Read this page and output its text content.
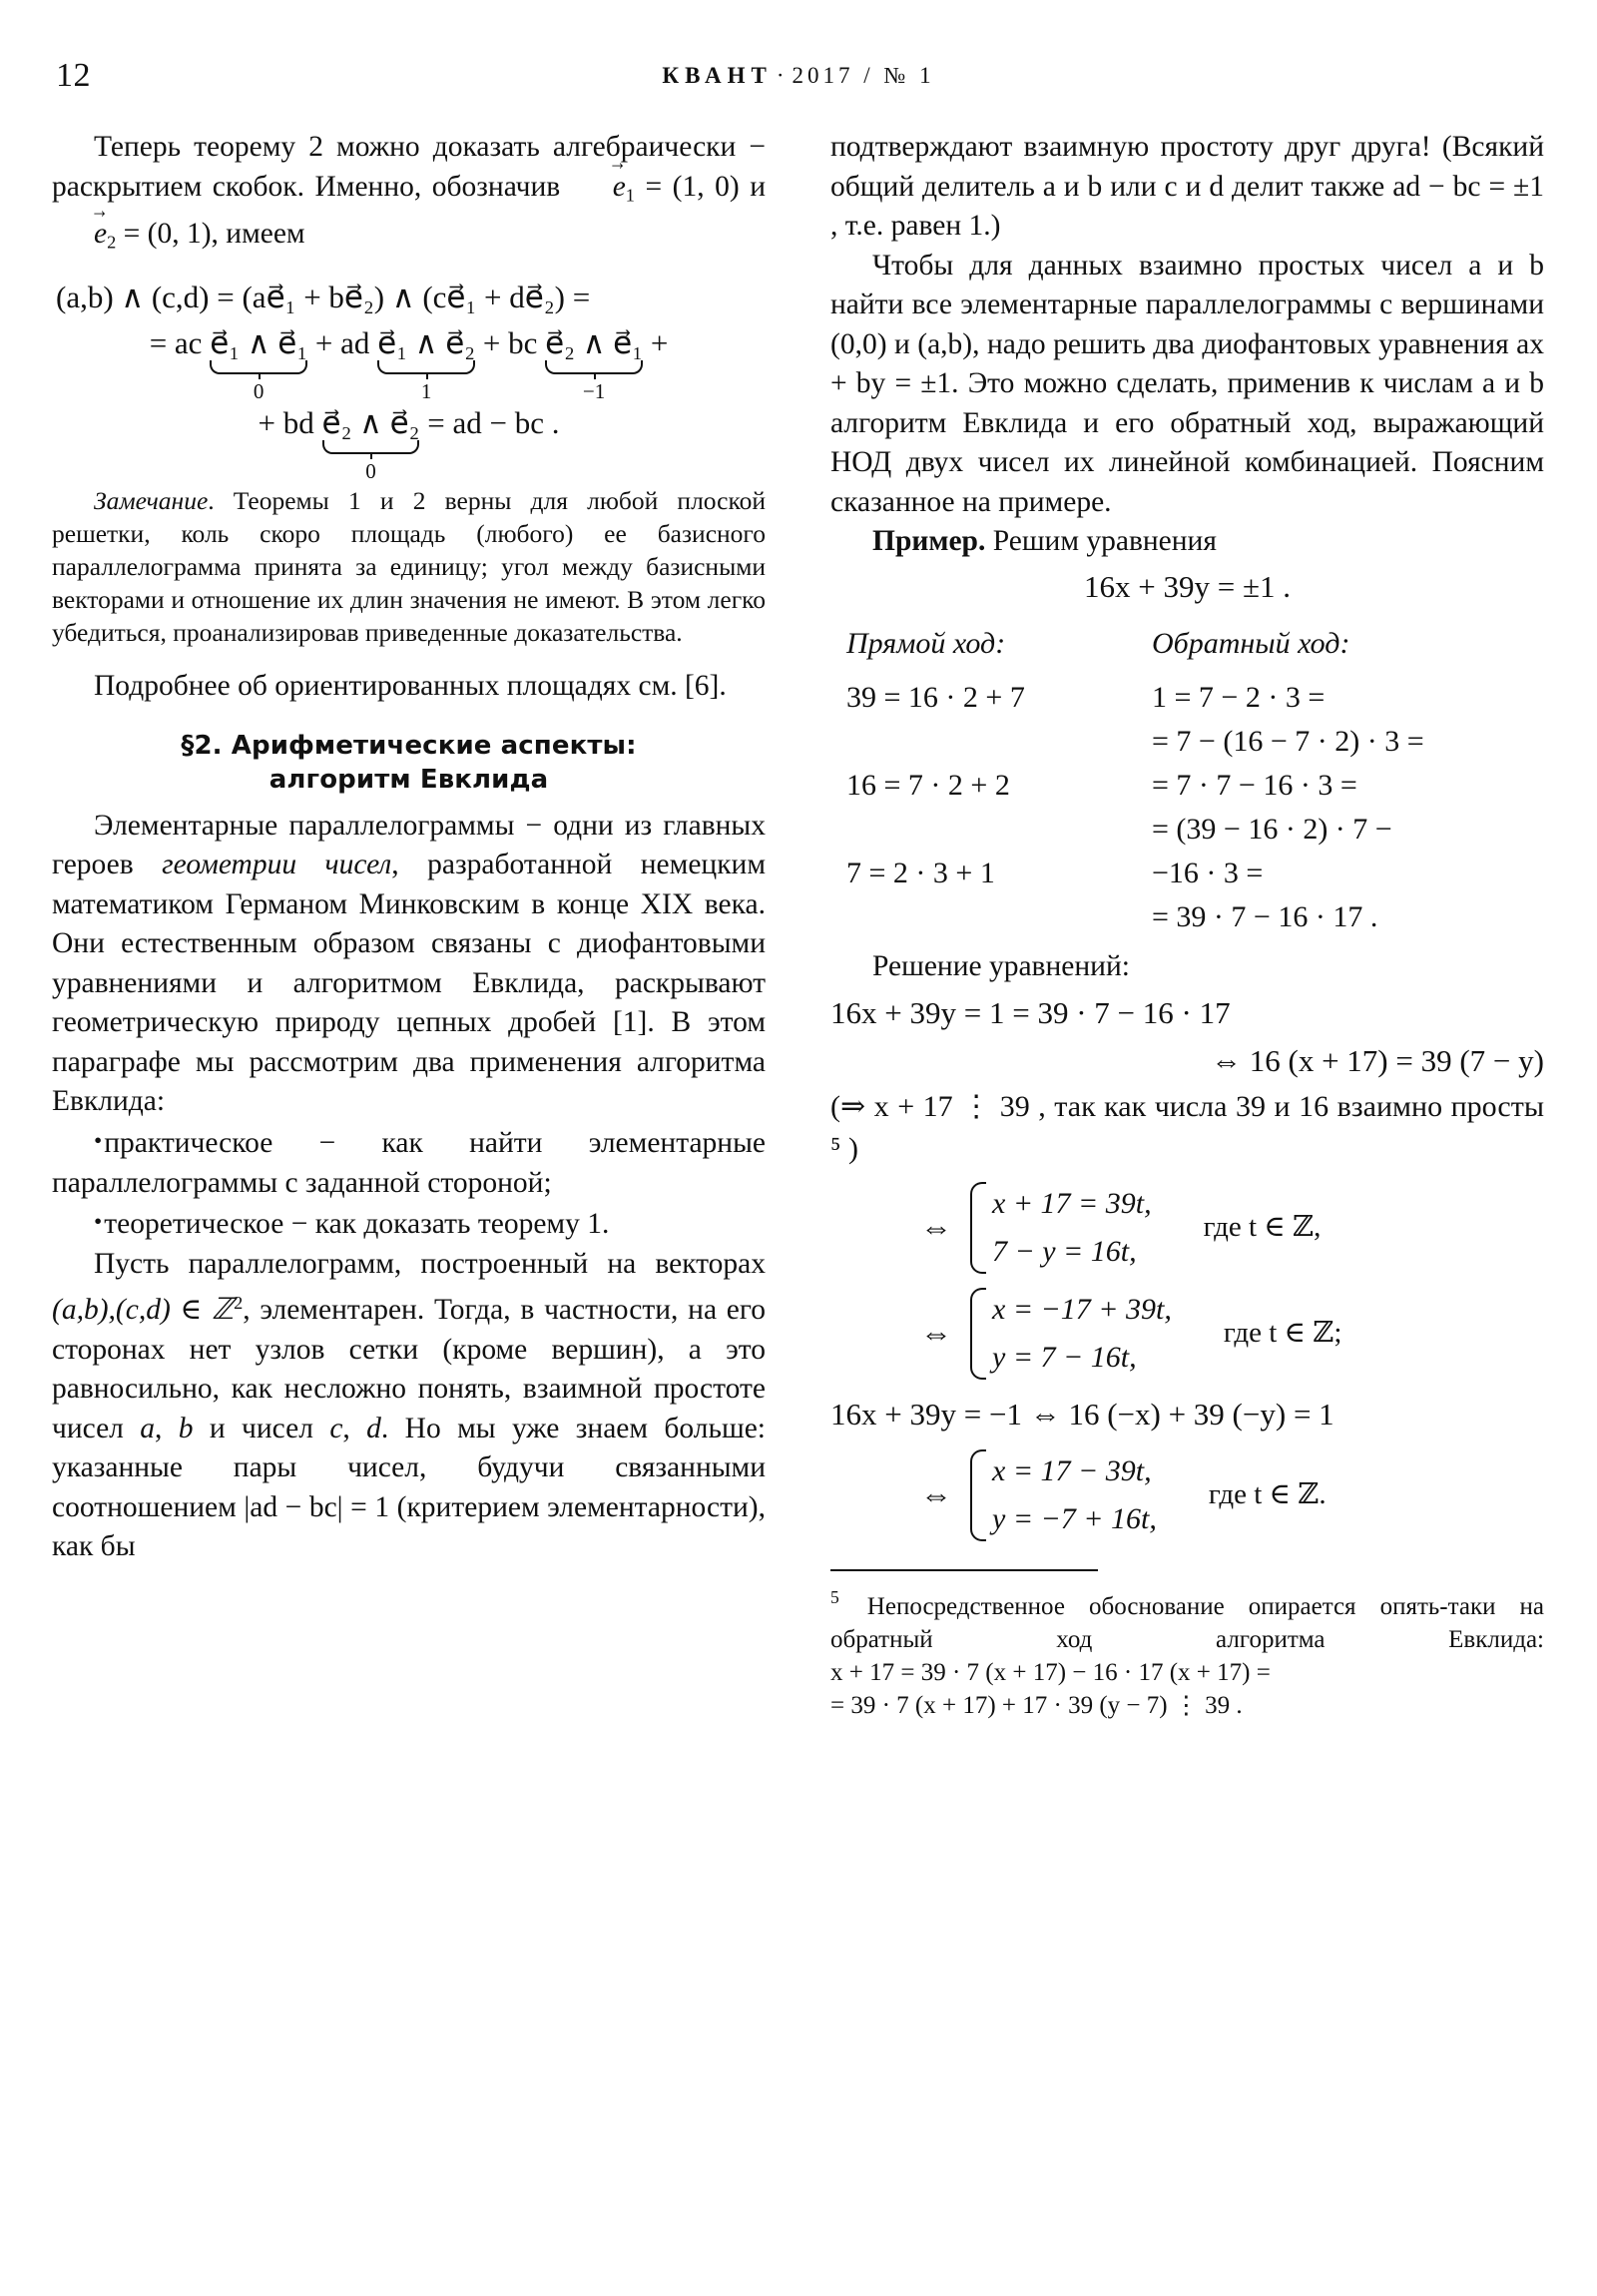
12	КВАНТ · 2017 / № 1

Теперь теорему 2 можно доказать алгебраически − раскрытием скобок. Именно, обозначив $e \to_1 = (1$, 0) и $e \to_2 = (0$, 1), имеем

(a,b) ∧ (c,d) = (ae⃗₁ + be⃗₂) ∧ (ce⃗₁ + de⃗₂) =
= ac e⃗₁ ∧ e⃗₁
0
+ ad e⃗₁ ∧ e⃗₂
1
+ bc e⃗₂ ∧ e⃗₁
−1
+
+ bd e⃗₂ ∧ e⃗₂
0
= ad − bc .

Замечание. Теоремы 1 и 2 верны для любой плоской решетки, коль скоро площадь (любого) ее базисного параллелограмма принята за единицу; угол между базисными векторами и отношение их длин значения не имеют. В этом легко убедиться, проанализировав приведенные доказательства.

Подробнее об ориентированных площадях см. [6].

§2. Арифметические аспекты:
алгоритм Евклида

Элементарные параллелограммы − одни из главных героев геометрии чисел, разработанной немецким математиком Германом Минковским в конце XIX века. Они естественным образом связаны с диофантовыми уравнениями и алгоритмом Евклида, раскрывают геометрическую природу цепных дробей [1]. В этом параграфе мы рассмотрим два применения алгоритма Евклида:

•практическое − как найти элементарные параллелограммы с заданной стороной;

•теоретическое − как доказать теорему 1.

Пусть параллелограмм, построенный на векторах (a,b),(c,d) ∈ ℤ$^2$, элементарен. Тогда, в частности, на его сторонах нет узлов сетки (кроме вершин), а это равносильно, как несложно понять, взаимной простоте чисел a, b и чисел c, d. Но мы уже знаем больше: указанные пары чисел, будучи связанными соотношением |ad − bc| = 1 (критерием элементарности), как бы

подтверждают взаимную простоту друг друга! (Всякий общий делитель a и b или c и d делит также ad − bc = ±1 , т.е. равен 1.)

Чтобы для данных взаимно простых чисел a и b найти все элементарные параллелограммы с вершинами (0,0) и (a,b), надо решить два диофантовых уравнения ax + by = ±1. Это можно сделать, применив к числам a и b алгоритм Евклида и его обратный ход, выражающий НОД двух чисел их линейной комбинацией. Поясним сказанное на примере.

Пример. Решим уравнения

16x + 39y = ±1 .
Прямой ход:	Обратный ход:
39 = 16 · 2 + 7	1 = 7 − 2 · 3 =
	= 7 − (16 − 7 · 2) · 3 =
16 = 7 · 2 + 2	= 7 · 7 − 16 · 3 =
	= (39 − 16 · 2) · 7 −
7 = 2 · 3 + 1	−16 · 3 =
	= 39 · 7 − 16 · 17 .

Решение уравнений:

16x + 39y = 1 = 39 · 7 − 16 · 17
⇔ 16 (x + 17) = 39 (7 − y)
(⇒ x + 17 ⋮ 39 , так как числа 39 и 16 взаимно просты ⁵ )
⇔
x + 17 = 39t,
7 − y = 16t,
где t ∈ ℤ,
⇔
x = −17 + 39t,
y = 7 − 16t,
где t ∈ ℤ;
16x + 39y = −1 ⇔ 16 (−x) + 39 (−y) = 1
⇔
x = 17 − 39t,
y = −7 + 16t,
где t ∈ ℤ.

$^5$ Непосредственное обоснование опирается опять-таки на обратный ход алгоритма Евклида: x + 17 = 39 · 7 (x + 17) − 16 · 17 (x + 17) =

= 39 · 7 (x + 17) + 17 · 39 (y − 7) ⋮ 39 .
